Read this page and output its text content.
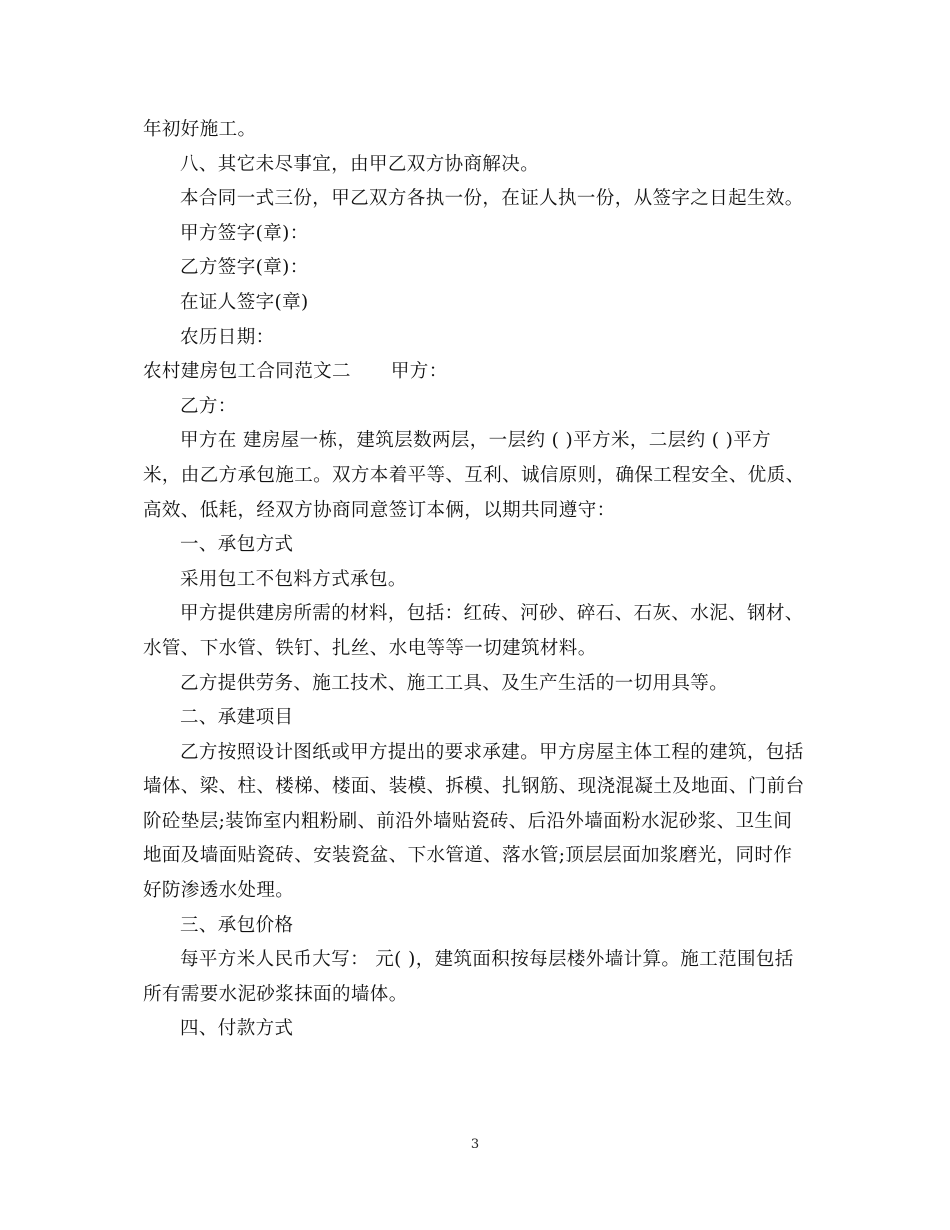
年初好施工。

八、其它未尽事宜，由甲乙双方协商解决。

本合同一式三份，甲乙双方各执一份，在证人执一份，从签字之日起生效。

甲方签字(章)：

乙方签字(章)：

在证人签字(章)

农历日期：

农村建房包工合同范文二 甲方：

乙方：

甲方在 建房屋一栋，建筑层数两层，一层约 ( )平方米，二层约 ( )平方米，由乙方承包施工。双方本着平等、互利、诚信原则，确保工程安全、优质、高效、低耗，经双方协商同意签订本俩，以期共同遵守：

一、承包方式

采用包工不包料方式承包。

甲方提供建房所需的材料，包括：红砖、河砂、碎石、石灰、水泥、钢材、水管、下水管、铁钉、扎丝、水电等等一切建筑材料。

乙方提供劳务、施工技术、施工工具、及生产生活的一切用具等。

二、承建项目

乙方按照设计图纸或甲方提出的要求承建。甲方房屋主体工程的建筑，包括墙体、梁、柱、楼梯、楼面、装模、拆模、扎钢筋、现浇混凝土及地面、门前台阶砼垫层;装饰室内粗粉刷、前沿外墙贴瓷砖、后沿外墙面粉水泥砂浆、卫生间地面及墙面贴瓷砖、安装瓷盆、下水管道、落水管;顶层层面加浆磨光，同时作好防渗透水处理。

三、承包价格

每平方米人民币大写： 元( )，建筑面积按每层楼外墙计算。施工范围包括所有需要水泥砂浆抹面的墙体。

四、付款方式

3
